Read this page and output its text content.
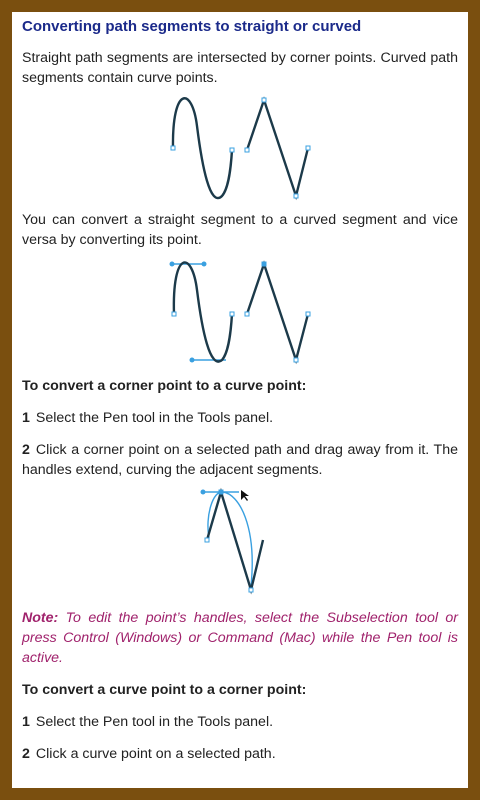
Converting path segments to straight or curved

Straight path segments are intersected by corner points. Curved path segments contain curve points.

You can convert a straight segment to a curved segment and vice versa by converting its point.

To convert a corner point to a curve point:

1 Select the Pen tool in the Tools panel.

2 Click a corner point on a selected path and drag away from it. The handles extend, curving the adjacent segments.

Note: To edit the point’s handles, select the Subselection tool or press Control (Windows) or Command (Mac) while the Pen tool is active.

To convert a curve point to a corner point:

1 Select the Pen tool in the Tools panel.

2 Click a curve point on a selected path.
